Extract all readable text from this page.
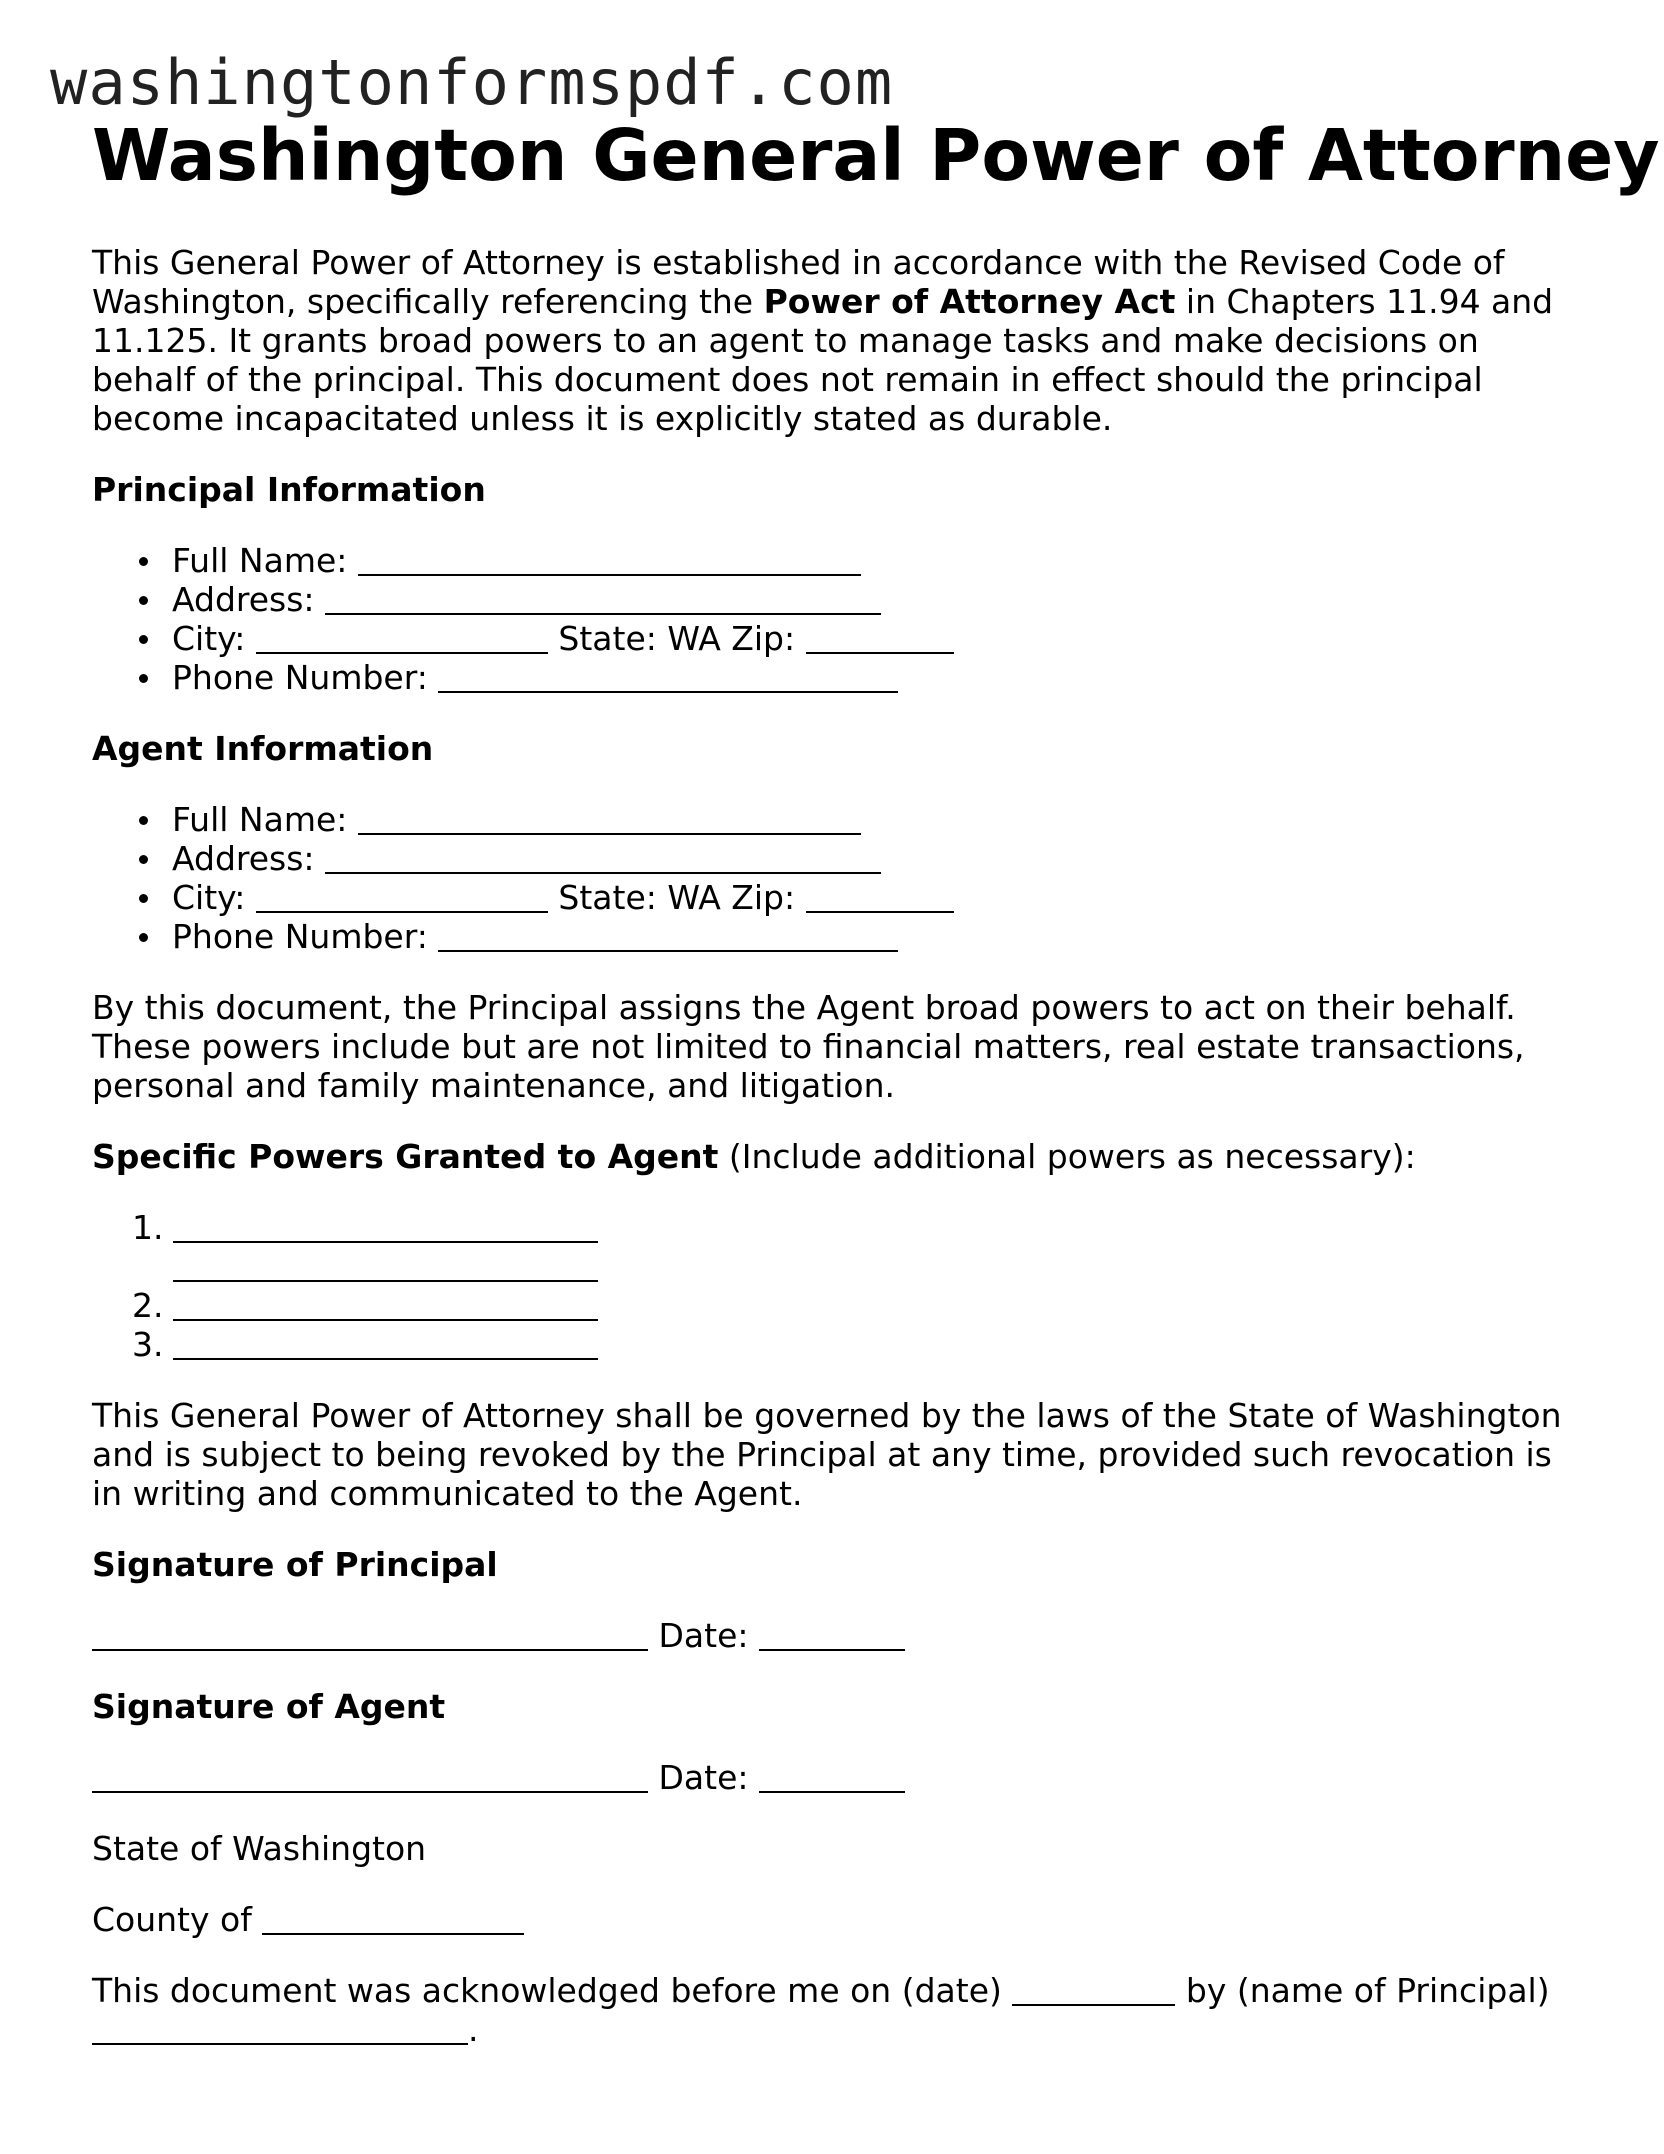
washingtonformspdf.com
Washington General Power of Attorney

This General Power of Attorney is established in accordance with the Revised Code of Washington, specifically referencing the Power of Attorney Act in Chapters 11.94 and 11.125. It grants broad powers to an agent to manage tasks and make decisions on behalf of the principal. This document does not remain in effect should the principal become incapacitated unless it is explicitly stated as durable.

Principal Information
Full Name:
Address:
City:	State: WA Zip:
Phone Number:
Agent Information
Full Name:
Address:
City:	State: WA Zip:
Phone Number:

By this document, the Principal assigns the Agent broad powers to act on their behalf. These powers include but are not limited to financial matters, real estate transactions, personal and family maintenance, and litigation.

Specific Powers Granted to Agent (Include additional powers as necessary):

1.

2.
3.

This General Power of Attorney shall be governed by the laws of the State of Washington and is subject to being revoked by the Principal at any time, provided such revocation is in writing and communicated to the Agent.

Signature of Principal
Date:
Signature of Agent
Date:
State of Washington
County of

This document was acknowledged before me on (date)	by (name of Principal)
.
